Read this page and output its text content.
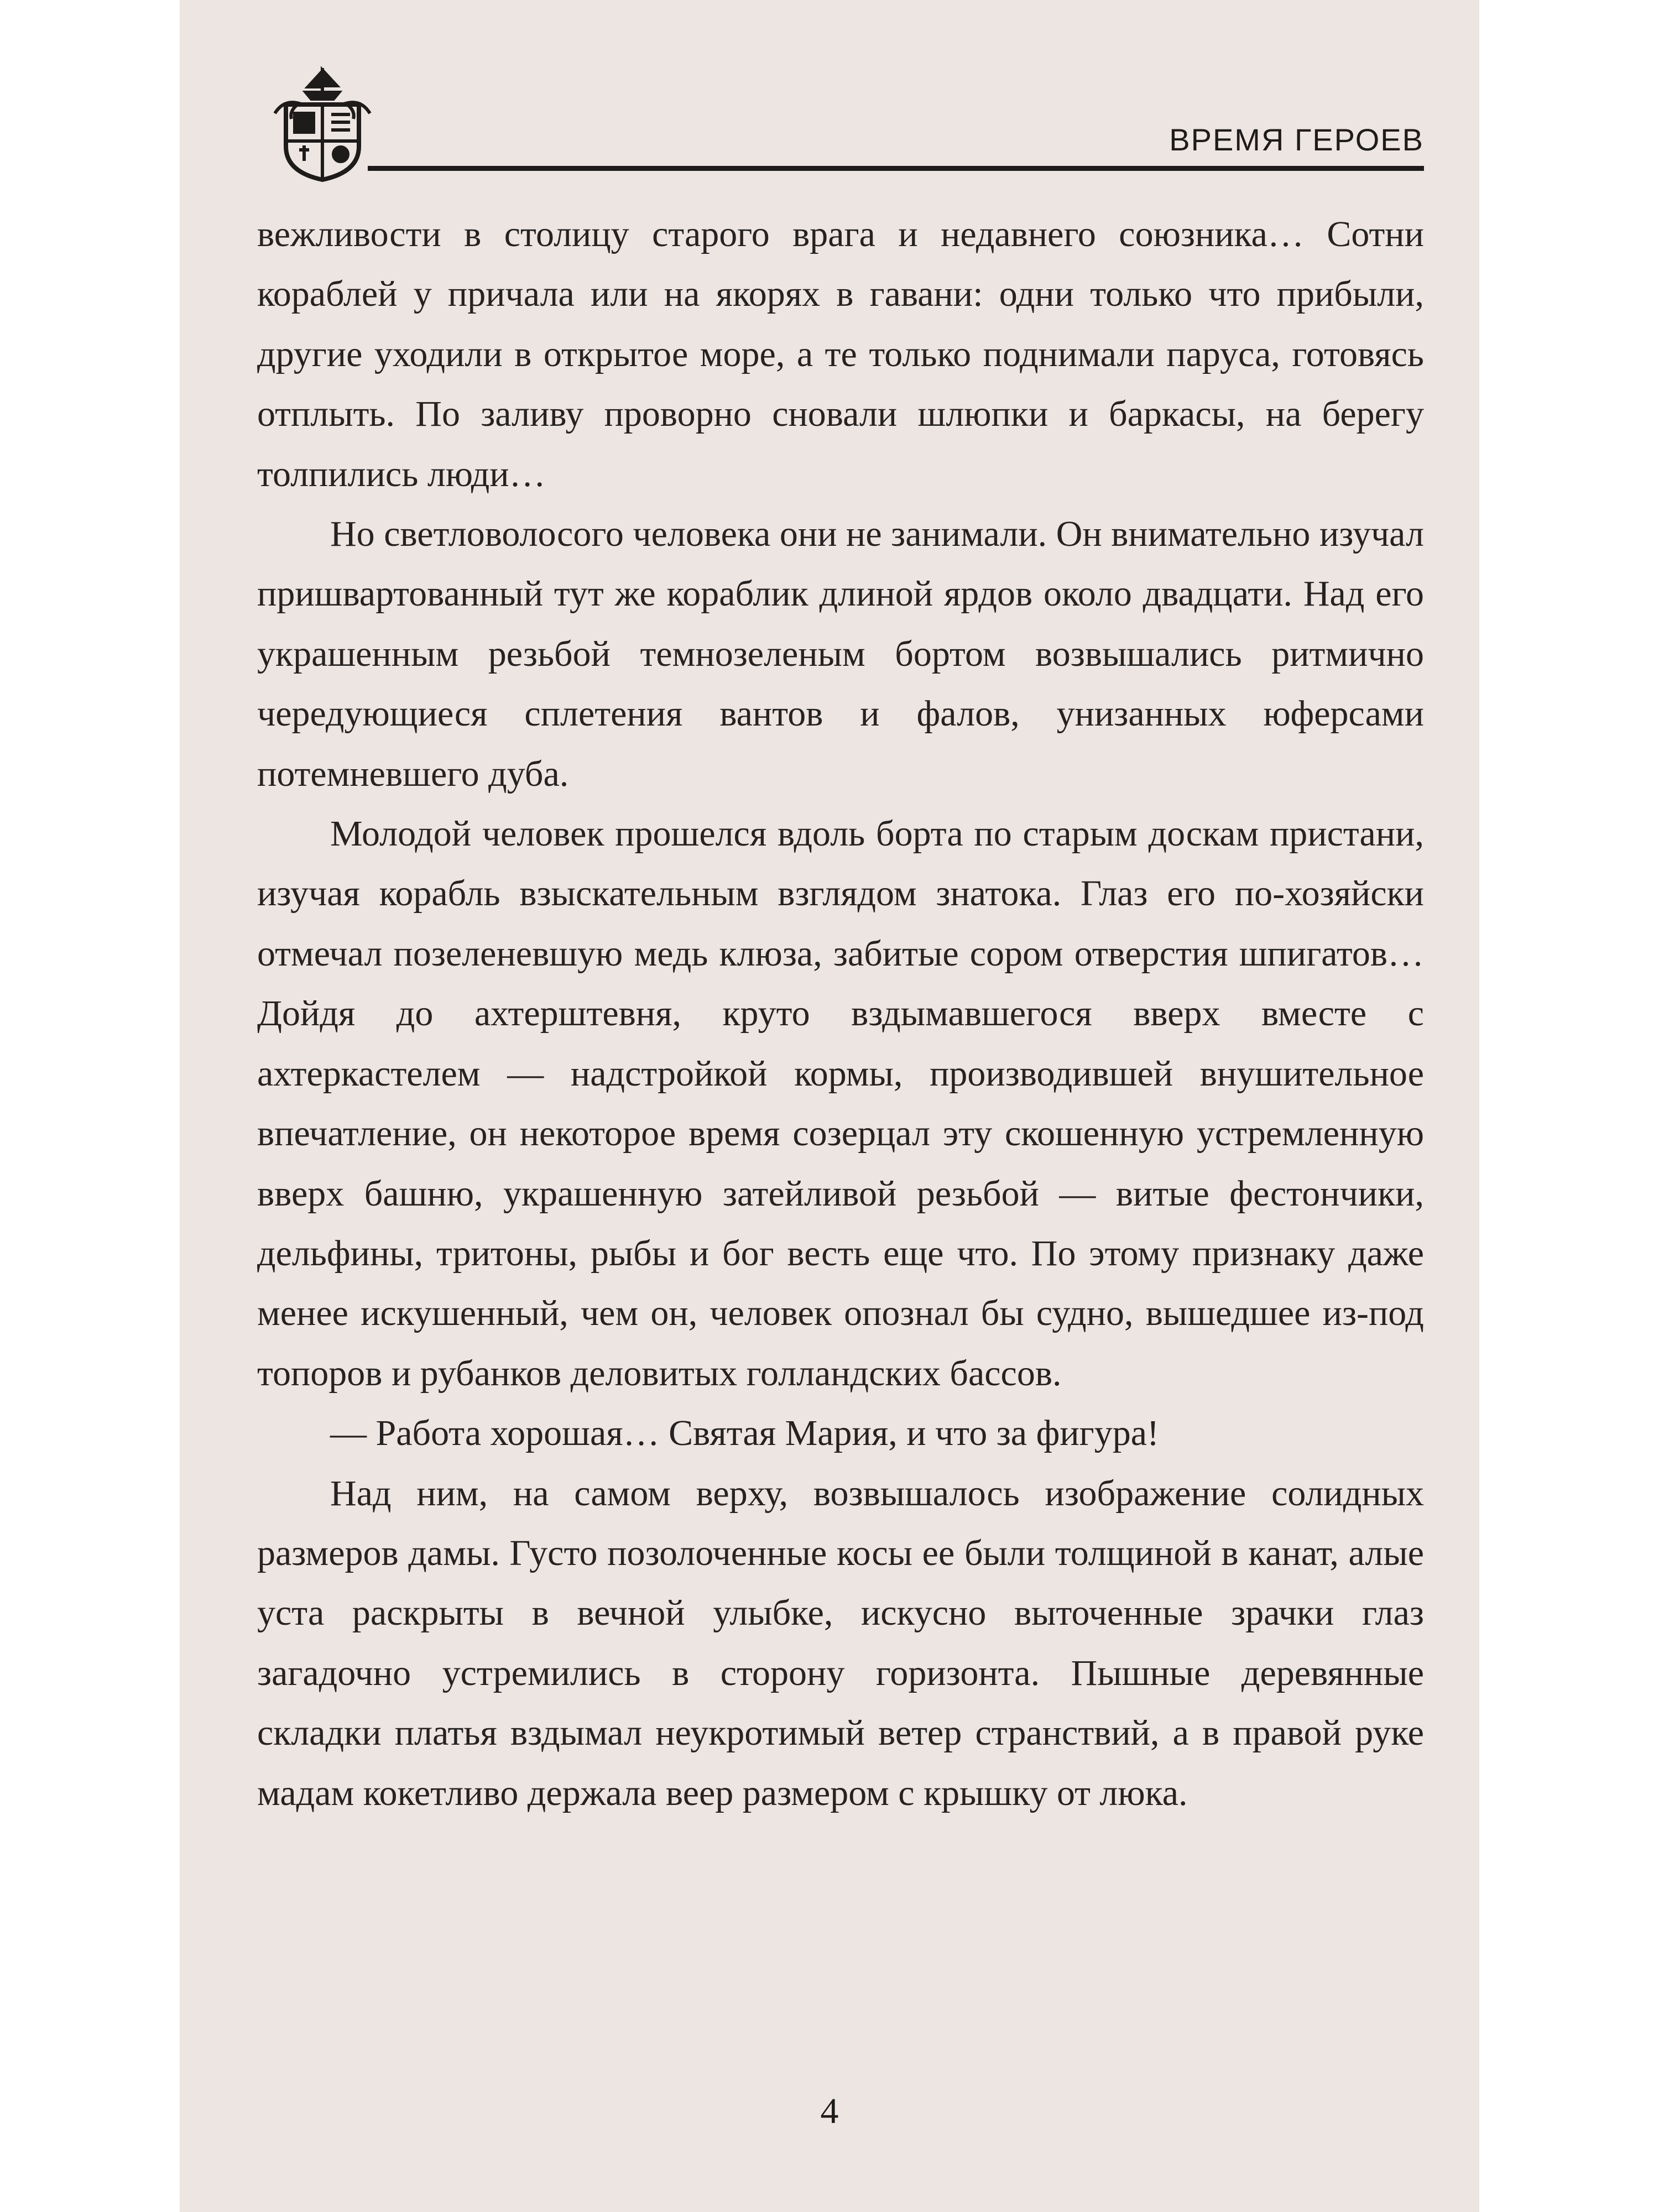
ВРЕМЯ ГЕРОЕВ

вежливости в столицу старого врага и недавнего союзника… Сотни кораблей у причала или на якорях в гавани: одни только что прибыли, другие уходили в открытое море, а те только поднимали паруса, готовясь отплыть. По заливу проворно сновали шлюпки и баркасы, на берегу толпились люди…

Но светловолосого человека они не занимали. Он внимательно изучал пришвартованный тут же кораблик длиной ярдов около двадцати. Над его украшенным резьбой темнозеленым бортом возвышались ритмично чередующиеся сплетения вантов и фалов, унизанных юферсами потемневшего дуба.

Молодой человек прошелся вдоль борта по старым доскам пристани, изучая корабль взыскательным взглядом знатока. Глаз его по-хозяйски отмечал позеленевшую медь клюза, забитые сором отверстия шпигатов… Дойдя до ахтерштевня, круто вздымавшегося вверх вместе с ахтеркастелем — надстройкой кормы, производившей внушительное впечатление, он некоторое время созерцал эту скошенную устремленную вверх башню, украшенную затейливой резьбой — витые фестончики, дельфины, тритоны, рыбы и бог весть еще что. По этому признаку даже менее искушенный, чем он, человек опознал бы судно, вышедшее из-под топоров и рубанков деловитых голландских бассов.

— Работа хорошая… Святая Мария, и что за фигура!

Над ним, на самом верху, возвышалось изображение солидных размеров дамы. Густо позолоченные косы ее были толщиной в канат, алые уста раскрыты в вечной улыбке, искусно выточенные зрачки глаз загадочно устремились в сторону горизонта. Пышные деревянные складки платья вздымал неукротимый ветер странствий, а в правой руке мадам кокетливо держала веер размером с крышку от люка.

4
